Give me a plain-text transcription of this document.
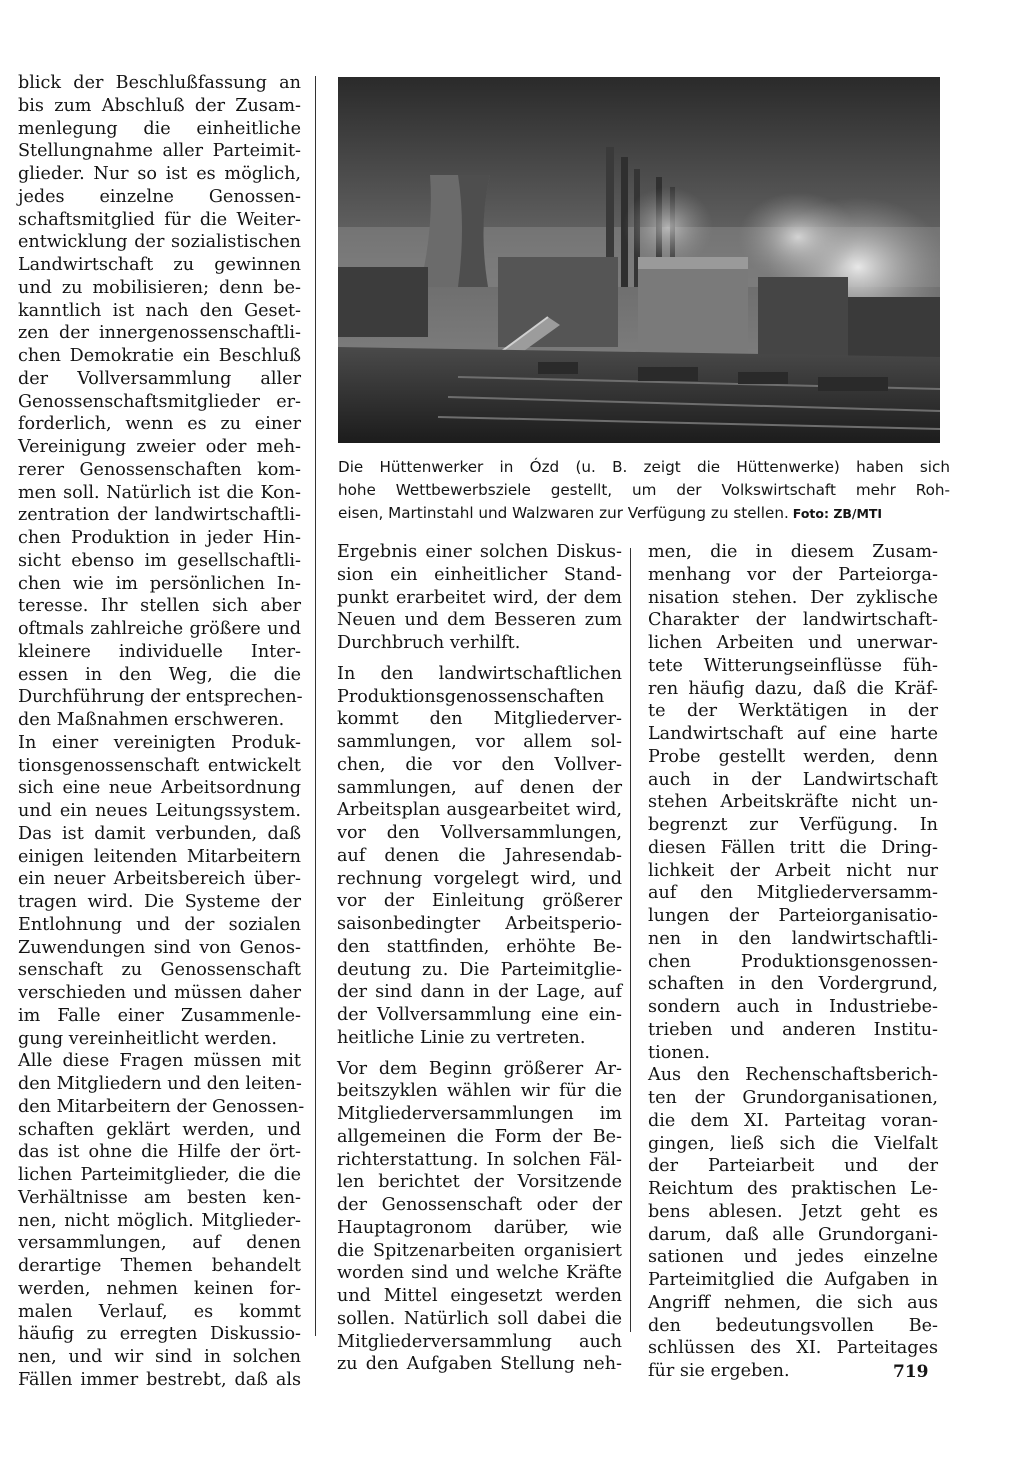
Die Hüttenwerker in Ózd (u. B. zeigt die Hüttenwerke) haben sich
hohe Wettbewerbsziele gestellt, um der Volkswirtschaft mehr Roh-
eisen, Martinstahl und Walzwaren zur Verfügung zu stellen. Foto: ZB/MTI
blick der Beschlußfassung an
bis zum Abschluß der Zusam-
menlegung die einheitliche
Stellungnahme aller Parteimit-
glieder. Nur so ist es möglich,
jedes einzelne Genossen-
schaftsmitglied für die Weiter-
entwicklung der sozialistischen
Landwirtschaft zu gewinnen
und zu mobilisieren; denn be-
kanntlich ist nach den Geset-
zen der innergenossenschaftli-
chen Demokratie ein Beschluß
der Vollversammlung aller
Genossenschaftsmitglieder er-
forderlich, wenn es zu einer
Vereinigung zweier oder meh-
rerer Genossenschaften kom-
men soll. Natürlich ist die Kon-
zentration der landwirtschaftli-
chen Produktion in jeder Hin-
sicht ebenso im gesellschaftli-
chen wie im persönlichen In-
teresse. Ihr stellen sich aber
oftmals zahlreiche größere und
kleinere individuelle Inter-
essen in den Weg, die die
Durchführung der entsprechen-
den Maßnahmen erschweren.
In einer vereinigten Produk-
tionsgenossenschaft entwickelt
sich eine neue Arbeitsordnung
und ein neues Leitungssystem.
Das ist damit verbunden, daß
einigen leitenden Mitarbeitern
ein neuer Arbeitsbereich über-
tragen wird. Die Systeme der
Entlohnung und der sozialen
Zuwendungen sind von Genos-
senschaft zu Genossenschaft
verschieden und müssen daher
im Falle einer Zusammenle-
gung vereinheitlicht werden.
Alle diese Fragen müssen mit
den Mitgliedern und den leiten-
den Mitarbeitern der Genossen-
schaften geklärt werden, und
das ist ohne die Hilfe der ört-
lichen Parteimitglieder, die die
Verhältnisse am besten ken-
nen, nicht möglich. Mitglieder-
versammlungen, auf denen
derartige Themen behandelt
werden, nehmen keinen for-
malen Verlauf, es kommt
häufig zu erregten Diskussio-
nen, und wir sind in solchen
Fällen immer bestrebt, daß als
Ergebnis einer solchen Diskus-
sion ein einheitlicher Stand-
punkt erarbeitet wird, der dem
Neuen und dem Besseren zum
Durchbruch verhilft.
In den landwirtschaftlichen
Produktionsgenossenschaften
kommt den Mitgliederver-
sammlungen, vor allem sol-
chen, die vor den Vollver-
sammlungen, auf denen der
Arbeitsplan ausgearbeitet wird,
vor den Vollversammlungen,
auf denen die Jahresendab-
rechnung vorgelegt wird, und
vor der Einleitung größerer
saisonbedingter Arbeitsperio-
den stattfinden, erhöhte Be-
deutung zu. Die Parteimitglie-
der sind dann in der Lage, auf
der Vollversammlung eine ein-
heitliche Linie zu vertreten.
Vor dem Beginn größerer Ar-
beitszyklen wählen wir für die
Mitgliederversammlungen im
allgemeinen die Form der Be-
richterstattung. In solchen Fäl-
len berichtet der Vorsitzende
der Genossenschaft oder der
Hauptagronom darüber, wie
die Spitzenarbeiten organisiert
worden sind und welche Kräfte
und Mittel eingesetzt werden
sollen. Natürlich soll dabei die
Mitgliederversammlung auch
zu den Aufgaben Stellung neh-
men, die in diesem Zusam-
menhang vor der Parteiorga-
nisation stehen. Der zyklische
Charakter der landwirtschaft-
lichen Arbeiten und unerwar-
tete Witterungseinflüsse füh-
ren häufig dazu, daß die Kräf-
te der Werktätigen in der
Landwirtschaft auf eine harte
Probe gestellt werden, denn
auch in der Landwirtschaft
stehen Arbeitskräfte nicht un-
begrenzt zur Verfügung. In
diesen Fällen tritt die Dring-
lichkeit der Arbeit nicht nur
auf den Mitgliederversamm-
lungen der Parteiorganisatio-
nen in den landwirtschaftli-
chen Produktionsgenossen-
schaften in den Vordergrund,
sondern auch in Industriebe-
trieben und anderen Institu-
tionen.
Aus den Rechenschaftsberich-
ten der Grundorganisationen,
die dem XI. Parteitag voran-
gingen, ließ sich die Vielfalt
der Parteiarbeit und der
Reichtum des praktischen Le-
bens ablesen. Jetzt geht es
darum, daß alle Grundorgani-
sationen und jedes einzelne
Parteimitglied die Aufgaben in
Angriff nehmen, die sich aus
den bedeutungsvollen Be-
schlüssen des XI. Parteitages
für sie ergeben.	719
